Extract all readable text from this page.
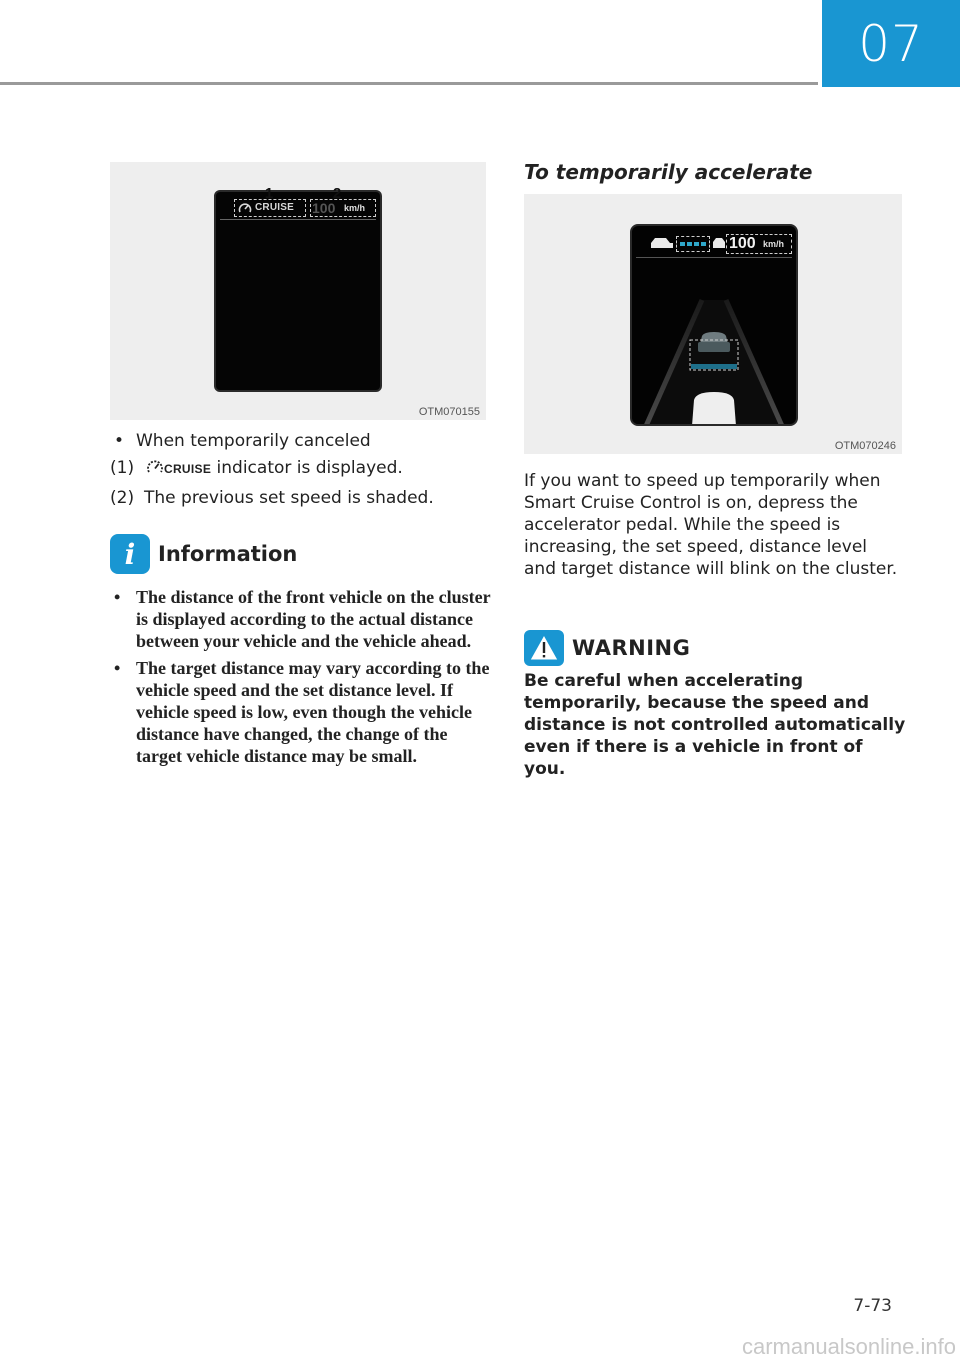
07
CRUISE 100 km/h
1	2
OTM070155
• When temporarily canceled
(1)	CRUISE indicator is displayed.
(2) The previous set speed is shaded.
i	Information
• The distance of the front vehicle on the cluster is displayed according to the actual distance between your vehicle and the vehicle ahead.
• The target distance may vary according to the vehicle speed and the set distance level. If vehicle speed is low, even though the vehicle distance have changed, the change of the target vehicle distance may be small.
To temporarily accelerate
100 km/h
OTM070246
If you want to speed up temporarily when Smart Cruise Control is on, depress the accelerator pedal. While the speed is increasing, the set speed, distance level and target distance will blink on the cluster.
WARNING
Be careful when accelerating temporarily, because the speed and distance is not controlled automatically even if there is a vehicle in front of you.
7-73
carmanualsonline.info
